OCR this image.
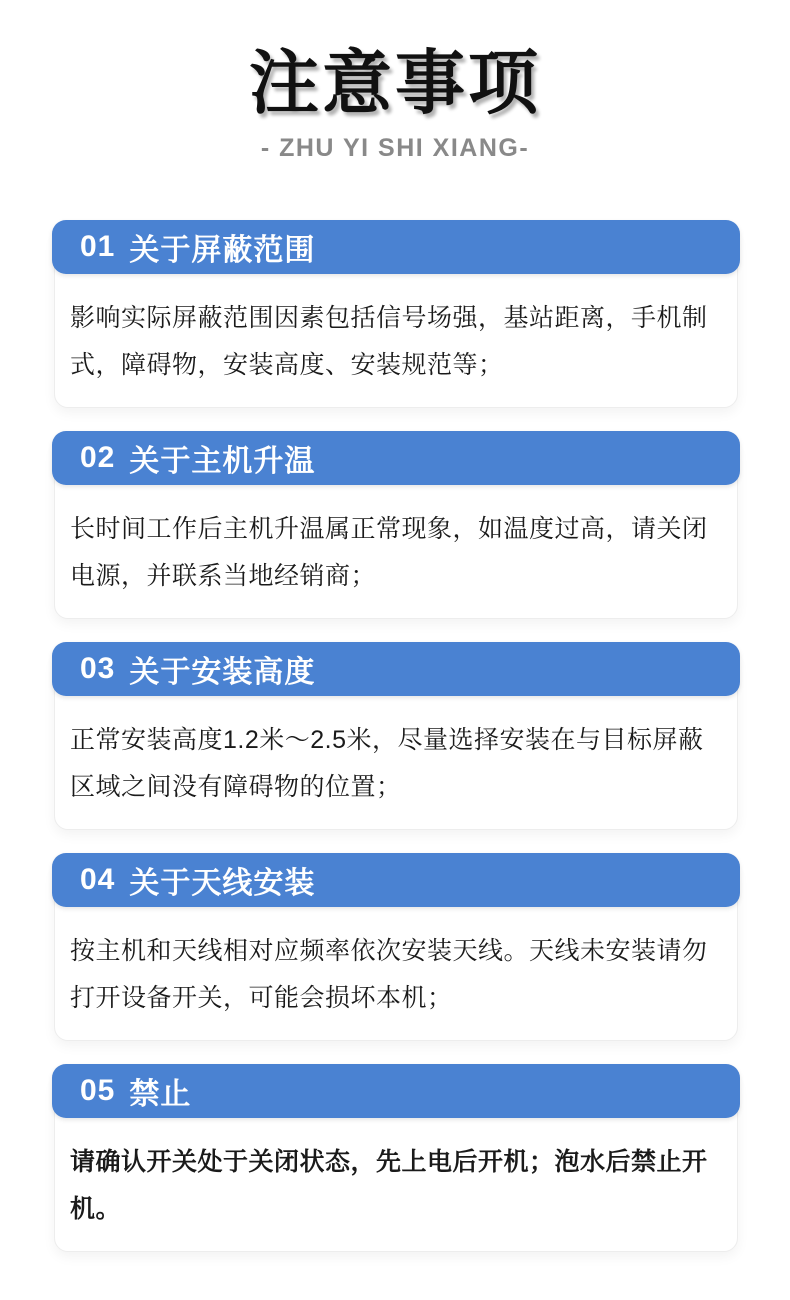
注意事项
- ZHU YI SHI XIANG-
01 关于屏蔽范围
影响实际屏蔽范围因素包括信号场强，基站距离，手机制式，障碍物，安装高度、安装规范等；
02 关于主机升温
长时间工作后主机升温属正常现象，如温度过高，请关闭电源，并联系当地经销商；
03 关于安装高度
正常安装高度1.2米～2.5米，尽量选择安装在与目标屏蔽区域之间没有障碍物的位置；
04 关于天线安装
按主机和天线相对应频率依次安装天线。天线未安装请勿打开设备开关，可能会损坏本机；
05 禁止
请确认开关处于关闭状态，先上电后开机；泡水后禁止开机。
